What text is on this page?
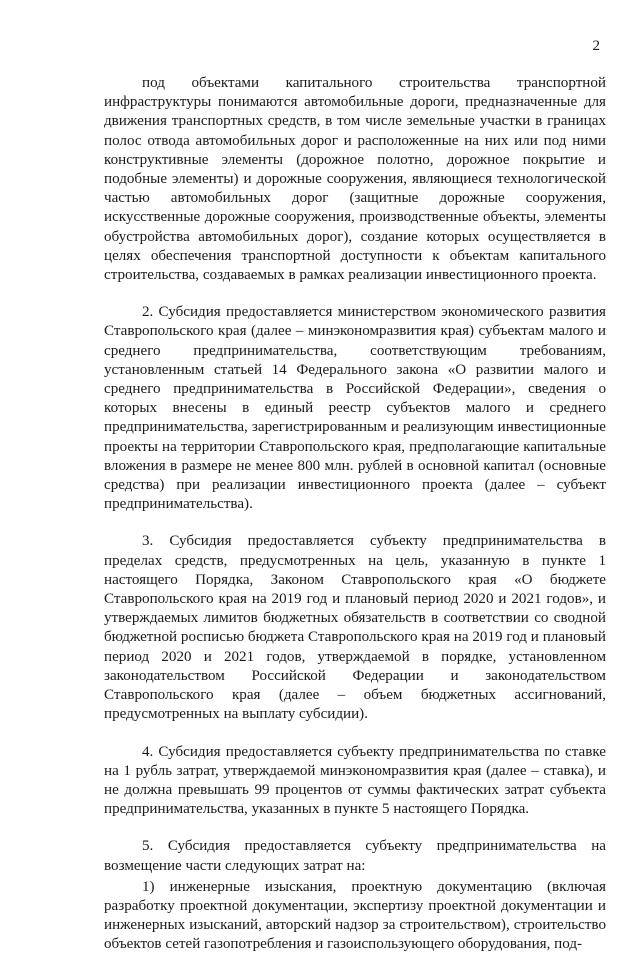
2

под объектами капитального строительства транспортной инфраструктуры понимаются автомобильные дороги, предназначенные для движения транспортных средств, в том числе земельные участки в границах полос отвода автомобильных дорог и расположенные на них или под ними конструктивные элементы (дорожное полотно, дорожное покрытие и подобные элементы) и дорожные сооружения, являющиеся технологической частью автомобильных дорог (защитные дорожные сооружения, искусственные дорожные сооружения, производственные объекты, элементы обустройства автомобильных дорог), создание которых осуществляется в целях обеспечения транспортной доступности к объектам капитального строительства, создаваемых в рамках реализации инвестиционного проекта.

2. Субсидия предоставляется министерством экономического развития Ставропольского края (далее – минэкономразвития края) субъектам малого и среднего предпринимательства, соответствующим требованиям, установленным статьей 14 Федерального закона «О развитии малого и среднего предпринимательства в Российской Федерации», сведения о которых внесены в единый реестр субъектов малого и среднего предпринимательства, зарегистрированным и реализующим инвестиционные проекты на территории Ставропольского края, предполагающие капитальные вложения в размере не менее 800 млн. рублей в основной капитал (основные средства) при реализации инвестиционного проекта (далее – субъект предпринимательства).

3. Субсидия предоставляется субъекту предпринимательства в пределах средств, предусмотренных на цель, указанную в пункте 1 настоящего Порядка, Законом Ставропольского края «О бюджете Ставропольского края на 2019 год и плановый период 2020 и 2021 годов», и утверждаемых лимитов бюджетных обязательств в соответствии со сводной бюджетной росписью бюджета Ставропольского края на 2019 год и плановый период 2020 и 2021 годов, утверждаемой в порядке, установленном законодательством Российской Федерации и законодательством Ставропольского края (далее – объем бюджетных ассигнований, предусмотренных на выплату субсидии).

4. Субсидия предоставляется субъекту предпринимательства по ставке на 1 рубль затрат, утверждаемой минэкономразвития края (далее – ставка), и не должна превышать 99 процентов от суммы фактических затрат субъекта предпринимательства, указанных в пункте 5 настоящего Порядка.

5. Субсидия предоставляется субъекту предпринимательства на возмещение части следующих затрат на:

1) инженерные изыскания, проектную документацию (включая разработку проектной документации, экспертизу проектной документации и инженерных изысканий, авторский надзор за строительством), строительство объектов сетей газопотребления и газоиспользующего оборудования, под-
